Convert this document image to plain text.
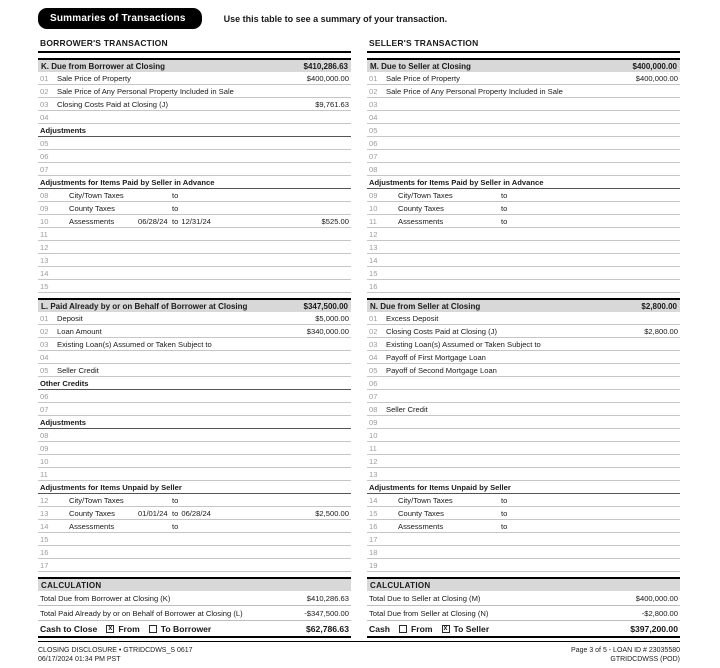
Summaries of Transactions	Use this table to see a summary of your transaction.
BORROWER'S TRANSACTION
K. Due from Borrower at Closing	$410,286.63
01	Sale Price of Property	$400,000.00
02	Sale Price of Any Personal Property Included in Sale
03	Closing Costs Paid at Closing (J)	$9,761.63
04
Adjustments
05
06
07
Adjustments for Items Paid by Seller in Advance
08	City/Town Taxes	to
09	County Taxes	to
10	Assessments	06/28/24 to 12/31/24	$525.00
11
12
13
14
15
L. Paid Already by or on Behalf of Borrower at Closing	$347,500.00
01	Deposit	$5,000.00
02	Loan Amount	$340,000.00
03	Existing Loan(s) Assumed or Taken Subject to
04
05	Seller Credit
Other Credits
06
07
Adjustments
08
09
10
11
Adjustments for Items Unpaid by Seller
12	City/Town Taxes	to
13	County Taxes	01/01/24 to 06/28/24	$2,500.00
14	Assessments	to
15
16
17
CALCULATION
Total Due from Borrower at Closing (K)	$410,286.63
Total Paid Already by or on Behalf of Borrower at Closing (L)	-$347,500.00
Cash to Close x From To Borrower	$62,786.63
SELLER'S TRANSACTION
M. Due to Seller at Closing	$400,000.00
01	Sale Price of Property	$400,000.00
02	Sale Price of Any Personal Property Included in Sale
03
04
05
06
07
08
Adjustments for Items Paid by Seller in Advance
09	City/Town Taxes	to
10	County Taxes	to
11	Assessments	to
12
13
14
15
16
N. Due from Seller at Closing	$2,800.00
01	Excess Deposit
02	Closing Costs Paid at Closing (J)	$2,800.00
03	Existing Loan(s) Assumed or Taken Subject to
04	Payoff of First Mortgage Loan
05	Payoff of Second Mortgage Loan
06
07
08	Seller Credit
09
10
11
12
13
Adjustments for Items Unpaid by Seller
14	City/Town Taxes	to
15	County Taxes	to
16	Assessments	to
17
18
19
CALCULATION
Total Due to Seller at Closing (M)	$400,000.00
Total Due from Seller at Closing (N)	-$2,800.00
Cash From x To Seller	$397,200.00
CLOSING DISCLOSURE • GTRIDCDWS_S 0617
06/17/2024 01:34 PM PST
Page 3 of 5 - LOAN ID # 23035580
GTRIDCDWSS (POD)
